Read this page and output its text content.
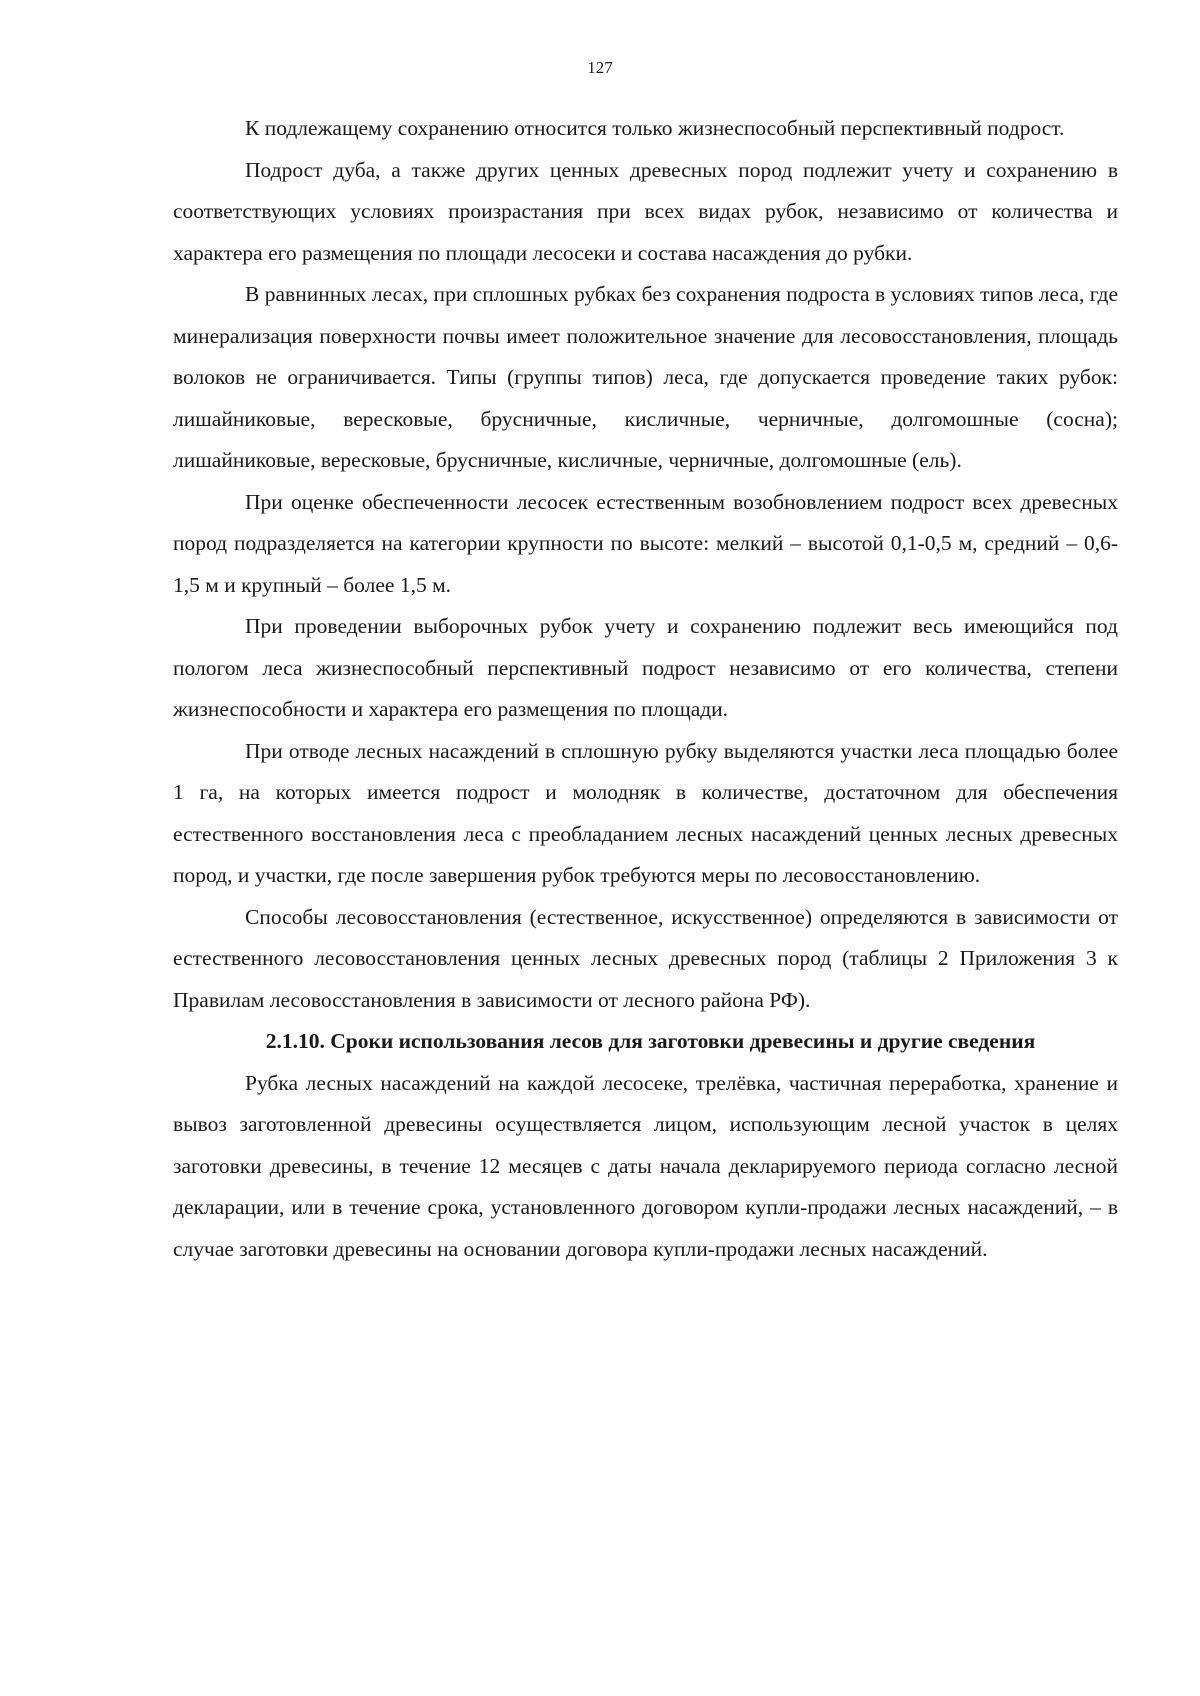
127

К подлежащему сохранению относится только жизнеспособный перспективный подрост.

Подрост дуба, а также других ценных древесных пород подлежит учету и сохранению в соответствующих условиях произрастания при всех видах рубок, независимо от количества и характера его размещения по площади лесосеки и состава насаждения до рубки.

В равнинных лесах, при сплошных рубках без сохранения подроста в условиях типов леса, где минерализация поверхности почвы имеет положительное значение для лесовосстановления, площадь волоков не ограничивается. Типы (группы типов) леса, где допускается проведение таких рубок: лишайниковые, вересковые, брусничные, кисличные, черничные, долгомошные (сосна); лишайниковые, вересковые, брусничные, кисличные, черничные, долгомошные (ель).

При оценке обеспеченности лесосек естественным возобновлением подрост всех древесных пород подразделяется на категории крупности по высоте: мелкий – высотой 0,1-0,5 м, средний – 0,6-1,5 м и крупный – более 1,5 м.

При проведении выборочных рубок учету и сохранению подлежит весь имеющийся под пологом леса жизнеспособный перспективный подрост независимо от его количества, степени жизнеспособности и характера его размещения по площади.

При отводе лесных насаждений в сплошную рубку выделяются участки леса площадью более 1 га, на которых имеется подрост и молодняк в количестве, достаточном для обеспечения естественного восстановления леса с преобладанием лесных насаждений ценных лесных древесных пород, и участки, где после завершения рубок требуются меры по лесовосстановлению.

Способы лесовосстановления (естественное, искусственное) определяются в зависимости от естественного лесовосстановления ценных лесных древесных пород (таблицы 2 Приложения 3 к Правилам лесовосстановления в зависимости от лесного района РФ).

2.1.10. Сроки использования лесов для заготовки древесины и другие сведения

Рубка лесных насаждений на каждой лесосеке, трелёвка, частичная переработка, хранение и вывоз заготовленной древесины осуществляется лицом, использующим лесной участок в целях заготовки древесины, в течение 12 месяцев с даты начала декларируемого периода согласно лесной декларации, или в течение срока, установленного договором купли-продажи лесных насаждений, – в случае заготовки древесины на основании договора купли-продажи лесных насаждений.
